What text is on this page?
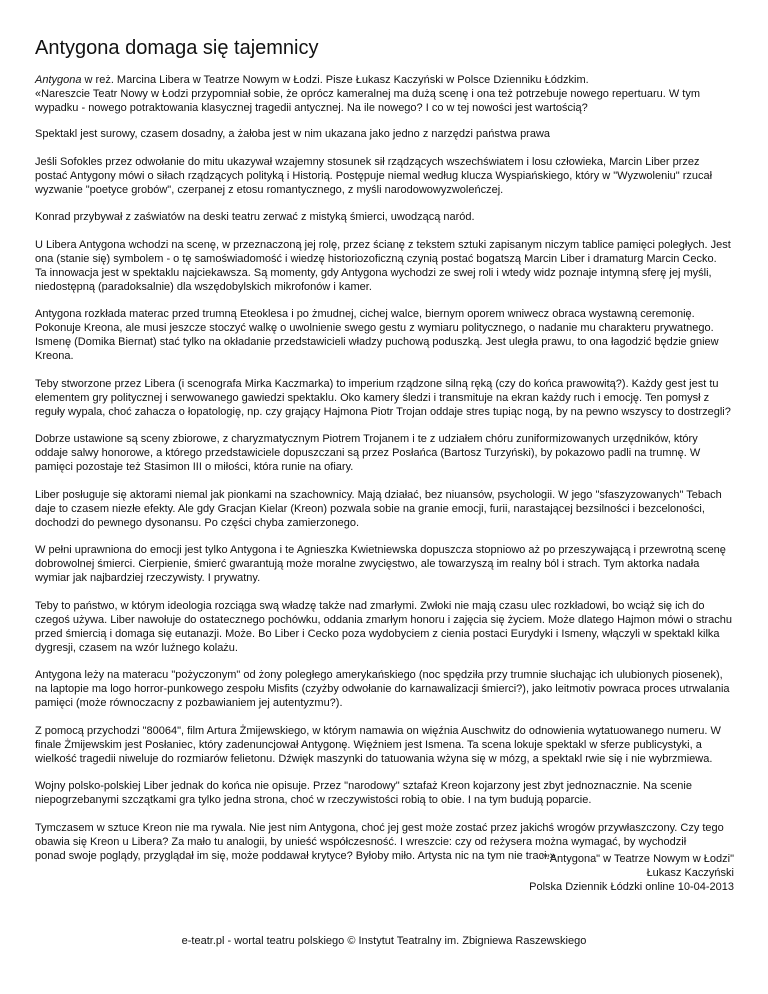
Antygona domaga się tajemnicy

Antygona w reż. Marcina Libera w Teatrze Nowym w Łodzi. Pisze Łukasz Kaczyński w Polsce Dzienniku Łódzkim.
«Nareszcie Teatr Nowy w Łodzi przypomniał sobie, że oprócz kameralnej ma dużą scenę i ona też potrzebuje nowego repertuaru. W tym wypadku - nowego potraktowania klasycznej tragedii antycznej. Na ile nowego? I co w tej nowości jest wartością?

Spektakl jest surowy, czasem dosadny, a żałoba jest w nim ukazana jako jedno z narzędzi państwa prawa

Jeśli Sofokles przez odwołanie do mitu ukazywał wzajemny stosunek sił rządzących wszechświatem i losu człowieka, Marcin Liber przez postać Antygony mówi o siłach rządzących polityką i Historią. Postępuje niemal według klucza Wyspiańskiego, który w "Wyzwoleniu" rzucał wyzwanie "poetyce grobów", czerpanej z etosu romantycznego, z myśli narodowowyzwoleńczej.

Konrad przybywał z zaświatów na deski teatru zerwać z mistyką śmierci, uwodzącą naród.

U Libera Antygona wchodzi na scenę, w przeznaczoną jej rolę, przez ścianę z tekstem sztuki zapisanym niczym tablice pamięci poległych. Jest ona (stanie się) symbolem - o tę samoświadomość i wiedzę historiozoficzną czynią postać bogatszą Marcin Liber i dramaturg Marcin Cecko.
Ta innowacja jest w spektaklu najciekawsza. Są momenty, gdy Antygona wychodzi ze swej roli i wtedy widz poznaje intymną sferę jej myśli, niedostępną (paradoksalnie) dla wszędobylskich mikrofonów i kamer.

Antygona rozkłada materac przed trumną Eteoklesa i po żmudnej, cichej walce, biernym oporem wniwecz obraca wystawną ceremonię. Pokonuje Kreona, ale musi jeszcze stoczyć walkę o uwolnienie swego gestu z wymiaru politycznego, o nadanie mu charakteru prywatnego.
Ismenę (Domika Biernat) stać tylko na okładanie przedstawicieli władzy puchową poduszką. Jest uległa prawu, to ona łagodzić będzie gniew Kreona.

Teby stworzone przez Libera (i scenografa Mirka Kaczmarka) to imperium rządzone silną ręką (czy do końca prawowitą?). Każdy gest jest tu elementem gry politycznej i serwowanego gawiedzi spektaklu. Oko kamery śledzi i transmituje na ekran każdy ruch i emocję. Ten pomysł z reguły wypala, choć zahacza o łopatologię, np. czy grający Hajmona Piotr Trojan oddaje stres tupiąc nogą, by na pewno wszyscy to dostrzegli?

Dobrze ustawione są sceny zbiorowe, z charyzmatycznym Piotrem Trojanem i te z udziałem chóru zuniformizowanych urzędników, który oddaje salwy honorowe, a którego przedstawiciele dopuszczani są przez Posłańca (Bartosz Turzyński), by pokazowo padli na trumnę. W pamięci pozostaje też Stasimon III o miłości, która runie na ofiary.

Liber posługuje się aktorami niemal jak pionkami na szachownicy. Mają działać, bez niuansów, psychologii. W jego "sfaszyzowanych" Tebach daje to czasem niezłe efekty. Ale gdy Gracjan Kielar (Kreon) pozwala sobie na granie emocji, furii, narastającej bezsilności i bezceloności, dochodzi do pewnego dysonansu. Po części chyba zamierzonego.

W pełni uprawniona do emocji jest tylko Antygona i te Agnieszka Kwietniewska dopuszcza stopniowo aż po przeszywającą i przewrotną scenę dobrowolnej śmierci. Cierpienie, śmierć gwarantują może moralne zwycięstwo, ale towarzyszą im realny ból i strach. Tym aktorka nadała wymiar jak najbardziej rzeczywisty. I prywatny.

Teby to państwo, w którym ideologia rozciąga swą władzę także nad zmarłymi. Zwłoki nie mają czasu ulec rozkładowi, bo wciąż się ich do czegoś używa. Liber nawołuje do ostatecznego pochówku, oddania zmarłym honoru i zajęcia się życiem. Może dlatego Hajmon mówi o strachu przed śmiercią i domaga się eutanazji. Może. Bo Liber i Cecko poza wydobyciem z cienia postaci Eurydyki i Ismeny, włączyli w spektakl kilka dygresji, czasem na wzór luźnego kolażu.

Antygona leży na materacu "pożyczonym" od żony poległego amerykańskiego (noc spędziła przy trumnie słuchając ich ulubionych piosenek), na laptopie ma logo horror-punkowego zespołu Misfits (czyżby odwołanie do karnawalizacji śmierci?), jako leitmotiv powraca proces utrwalania pamięci (może równoczacny z pozbawianiem jej autentyzmu?).

Z pomocą przychodzi "80064", film Artura Żmijewskiego, w którym namawia on więźnia Auschwitz do odnowienia wytatuowanego numeru. W finale Żmijewskim jest Posłaniec, który zadenuncjował Antygonę. Więźniem jest Ismena. Ta scena lokuje spektakl w sferze publicystyki, a wielkość tragedii niweluje do rozmiarów felietonu. Dźwięk maszynki do tatuowania wżyna się w mózg, a spektakl rwie się i nie wybrzmiewa.

Wojny polsko-polskiej Liber jednak do końca nie opisuje. Przez "narodowy" sztafaż Kreon kojarzony jest zbyt jednoznacznie. Na scenie niepogrzebanymi szczątkami gra tylko jedna strona, choć w rzeczywistości robią to obie. I na tym budują poparcie.

Tymczasem w sztuce Kreon nie ma rywala. Nie jest nim Antygona, choć jej gest może zostać przez jakichś wrogów przywłaszczony. Czy tego obawia się Kreon u Libera? Za mało tu analogii, by unieść współczesność. I wreszcie: czy od reżysera można wymagać, by wychodził
ponad swoje poglądy, przyglądał im się, może poddawał krytyce? Byłoby miło. Artysta nic na tym nie traci.»

""Antygona" w Teatrze Nowym w Łodzi"
Łukasz Kaczyński
Polska Dziennik Łódzki online 10-04-2013
e-teatr.pl - wortal teatru polskiego © Instytut Teatralny im. Zbigniewa Raszewskiego
